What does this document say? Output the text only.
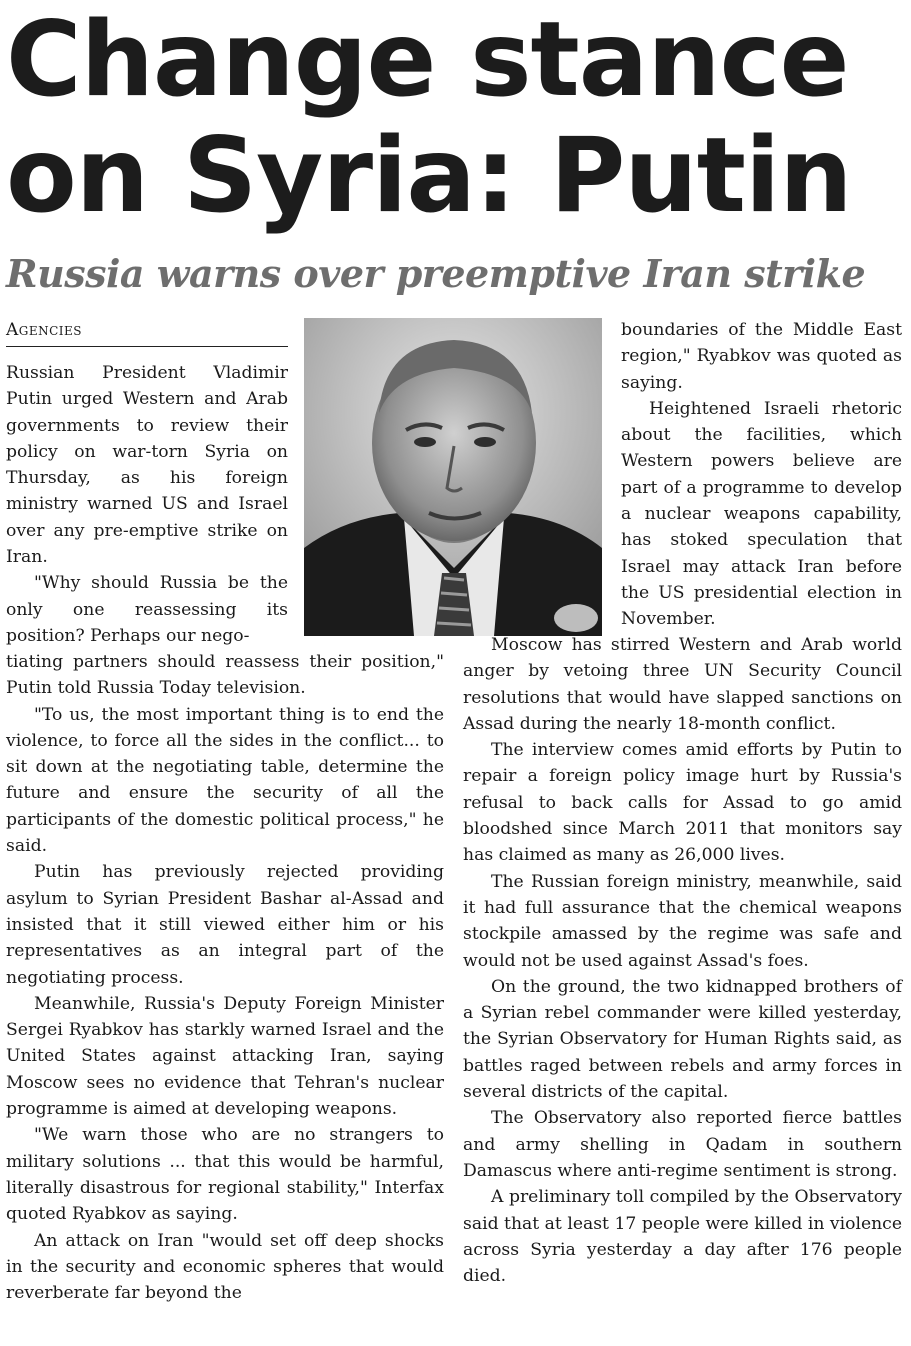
Change stance
on Syria: Putin
Russia warns over preemptive Iran strike
Agencies

Russian President Vladimir Putin urged Western and Arab governments to review their policy on war-torn Syria on Thursday, as his foreign ministry warned US and Israel over any pre-emptive strike on Iran.

"Why should Russia be the only one reassessing its position? Perhaps our nego-

tiating partners should reassess their position," Putin told Russia Today television.

"To us, the most important thing is to end the violence, to force all the sides in the conflict... to sit down at the negotiating table, determine the future and ensure the security of all the participants of the domestic political process," he said.

Putin has previously rejected providing asylum to Syrian President Bashar al-Assad and insisted that it still viewed either him or his representatives as an integral part of the negotiating process.

Meanwhile, Russia's Deputy Foreign Minister Sergei Ryabkov has starkly warned Israel and the United States against attacking Iran, saying Moscow sees no evidence that Tehran's nuclear programme is aimed at developing weapons.

"We warn those who are no strangers to military solutions ... that this would be harmful, literally disastrous for regional stability," Interfax quoted Ryabkov as saying.

An attack on Iran "would set off deep shocks in the security and economic spheres that would reverberate far beyond the

boundaries of the Middle East region," Ryabkov was quoted as saying.

Heightened Israeli rhetoric about the facilities, which Western powers believe are part of a programme to develop a nuclear weapons capability, has stoked speculation that Israel may attack Iran before the US presidential election in November.

Moscow has stirred Western and Arab world anger by vetoing three UN Security Council resolutions that would have slapped sanctions on Assad during the nearly 18-month conflict.

The interview comes amid efforts by Putin to repair a foreign policy image hurt by Russia's refusal to back calls for Assad to go amid bloodshed since March 2011 that monitors say has claimed as many as 26,000 lives.

The Russian foreign ministry, meanwhile, said it had full assurance that the chemical weapons stockpile amassed by the regime was safe and would not be used against Assad's foes.

On the ground, the two kidnapped brothers of a Syrian rebel commander were killed yesterday, the Syrian Observatory for Human Rights said, as battles raged between rebels and army forces in several districts of the capital.

The Observatory also reported fierce battles and army shelling in Qadam in southern Damascus where anti-regime sentiment is strong.

A preliminary toll compiled by the Observatory said that at least 17 people were killed in violence across Syria yesterday a day after 176 people died.
